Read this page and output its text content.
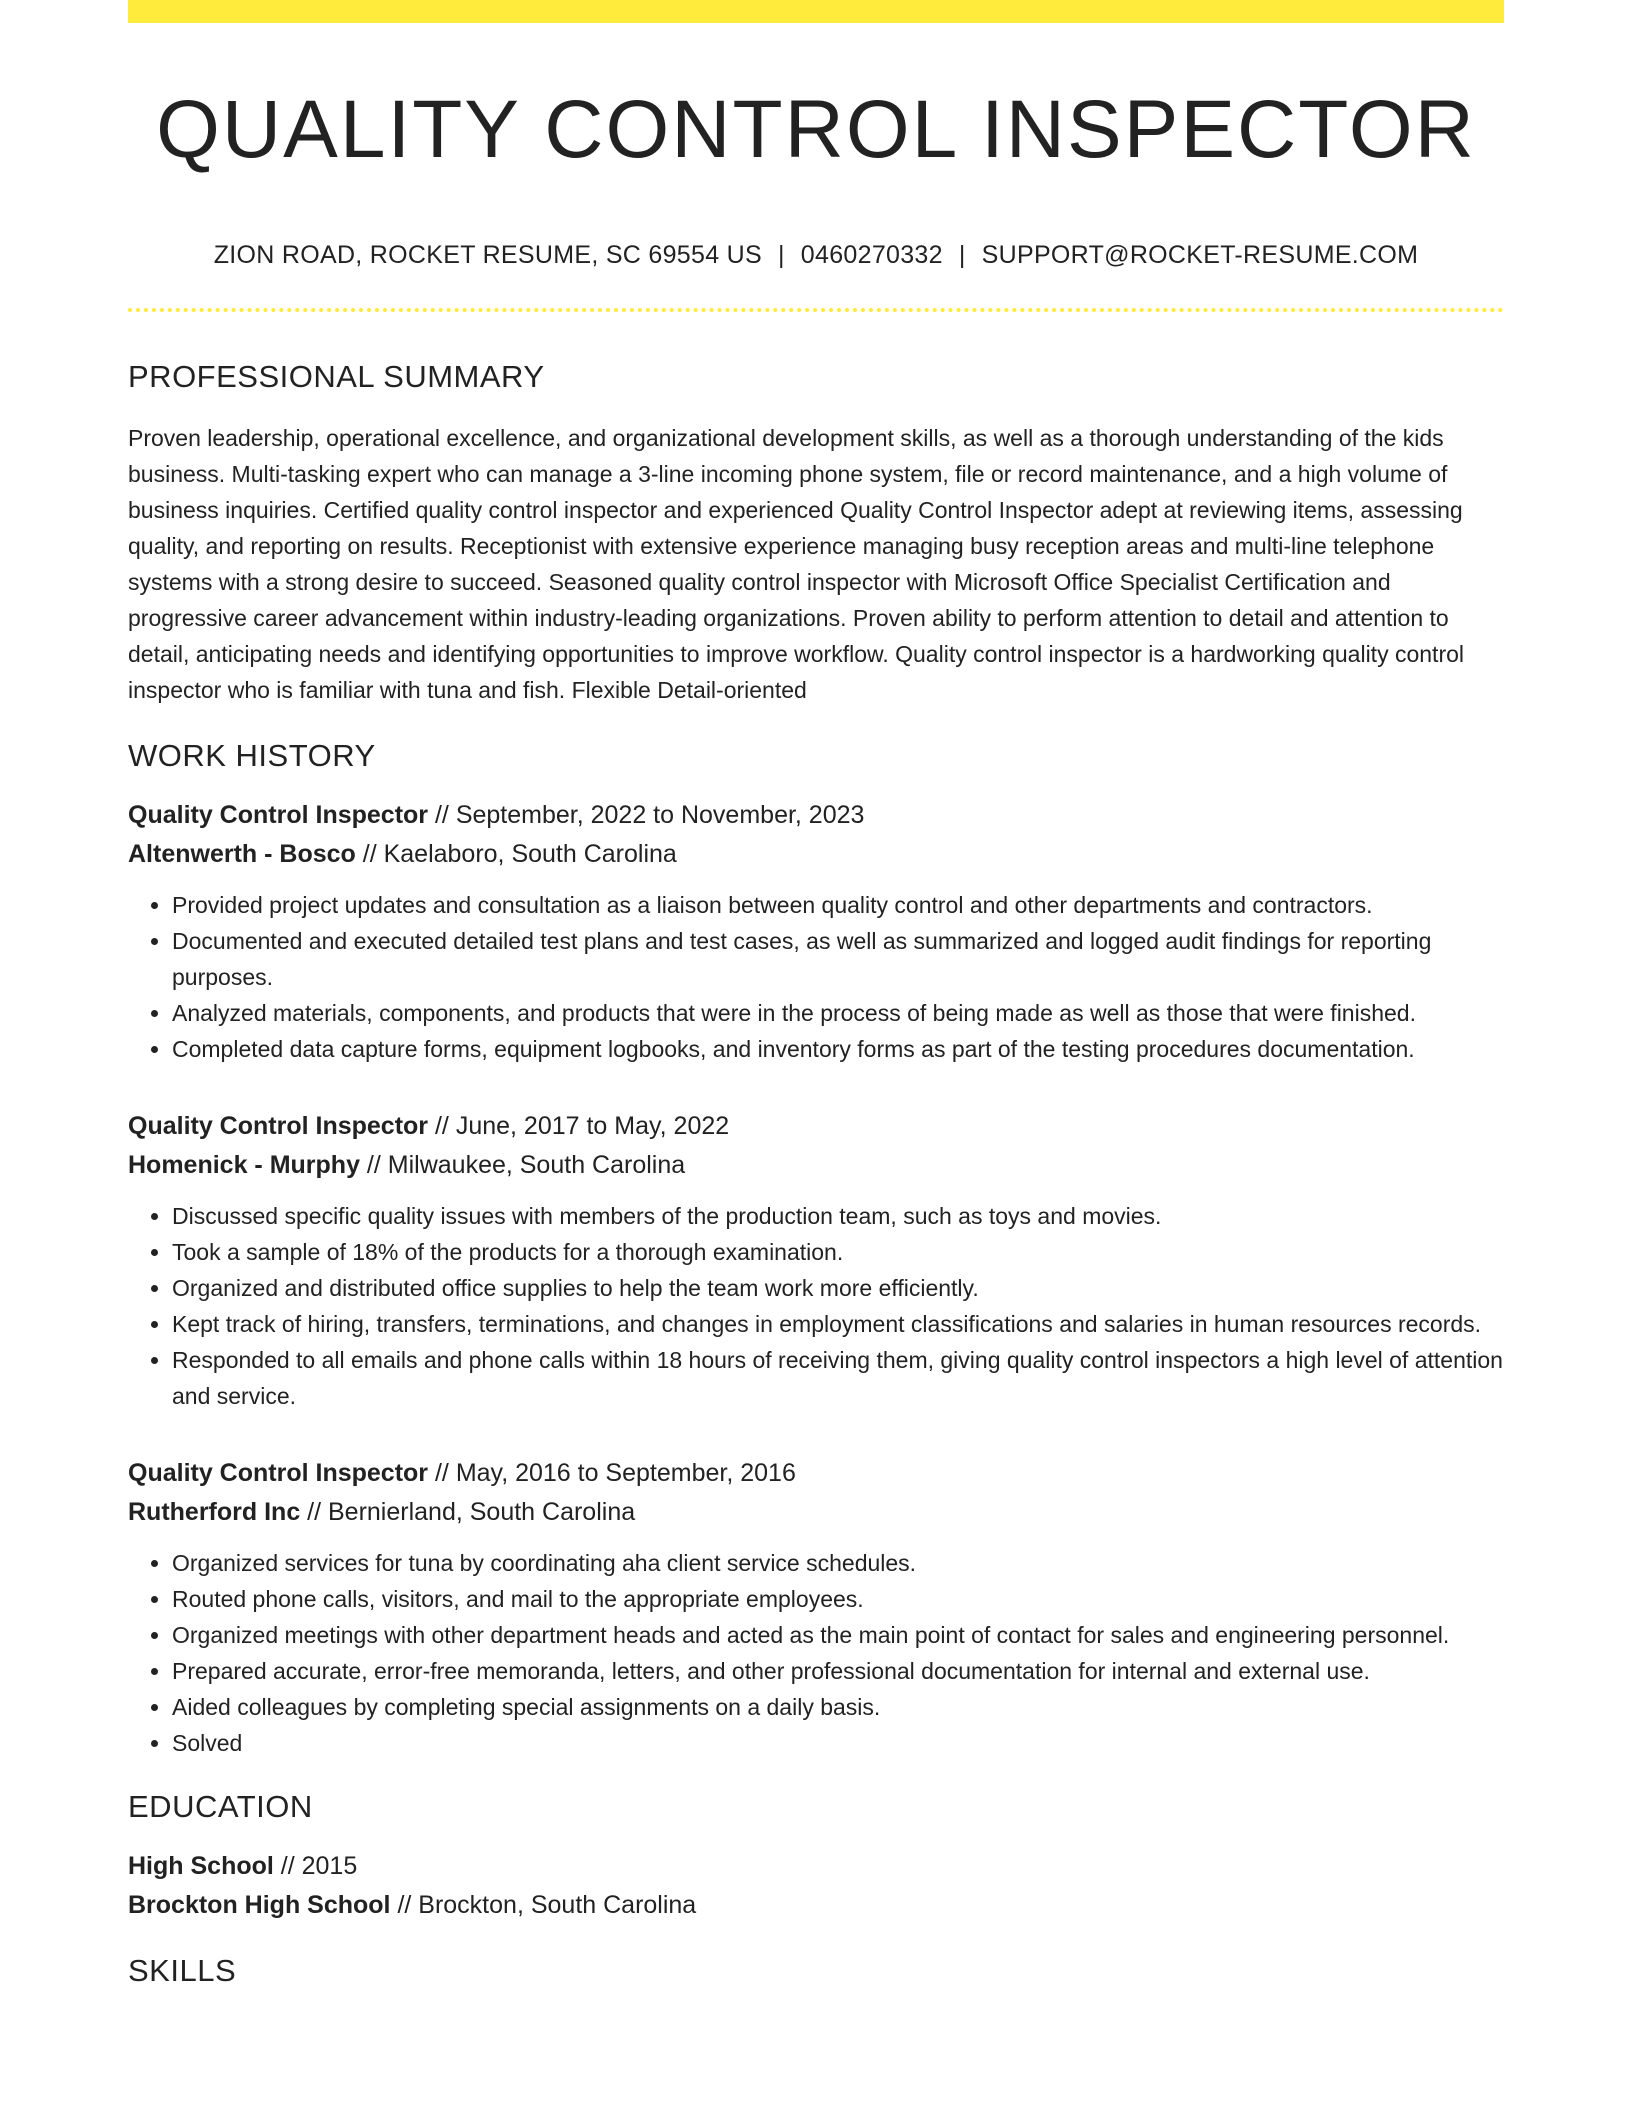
QUALITY CONTROL INSPECTOR
ZION ROAD, ROCKET RESUME, SC 69554 US | 0460270332 | SUPPORT@ROCKET-RESUME.COM
PROFESSIONAL SUMMARY

Proven leadership, operational excellence, and organizational development skills, as well as a thorough understanding of the kids business. Multi-tasking expert who can manage a 3-line incoming phone system, file or record maintenance, and a high volume of business inquiries. Certified quality control inspector and experienced Quality Control Inspector adept at reviewing items, assessing quality, and reporting on results. Receptionist with extensive experience managing busy reception areas and multi-line telephone systems with a strong desire to succeed. Seasoned quality control inspector with Microsoft Office Specialist Certification and progressive career advancement within industry-leading organizations. Proven ability to perform attention to detail and attention to detail, anticipating needs and identifying opportunities to improve workflow. Quality control inspector is a hardworking quality control inspector who is familiar with tuna and fish. Flexible Detail-oriented

WORK HISTORY
Quality Control Inspector // September, 2022 to November, 2023
Altenwerth - Bosco // Kaelaboro, South Carolina
• Provided project updates and consultation as a liaison between quality control and other departments and contractors.
• Documented and executed detailed test plans and test cases, as well as summarized and logged audit findings for reporting purposes.
• Analyzed materials, components, and products that were in the process of being made as well as those that were finished.
• Completed data capture forms, equipment logbooks, and inventory forms as part of the testing procedures documentation.
Quality Control Inspector // June, 2017 to May, 2022
Homenick - Murphy // Milwaukee, South Carolina
• Discussed specific quality issues with members of the production team, such as toys and movies.
• Took a sample of 18% of the products for a thorough examination.
• Organized and distributed office supplies to help the team work more efficiently.
• Kept track of hiring, transfers, terminations, and changes in employment classifications and salaries in human resources records.
• Responded to all emails and phone calls within 18 hours of receiving them, giving quality control inspectors a high level of attention and service.
Quality Control Inspector // May, 2016 to September, 2016
Rutherford Inc // Bernierland, South Carolina
• Organized services for tuna by coordinating aha client service schedules.
• Routed phone calls, visitors, and mail to the appropriate employees.
• Organized meetings with other department heads and acted as the main point of contact for sales and engineering personnel.
• Prepared accurate, error-free memoranda, letters, and other professional documentation for internal and external use.
• Aided colleagues by completing special assignments on a daily basis.
• Solved
EDUCATION
High School // 2015
Brockton High School // Brockton, South Carolina
SKILLS
